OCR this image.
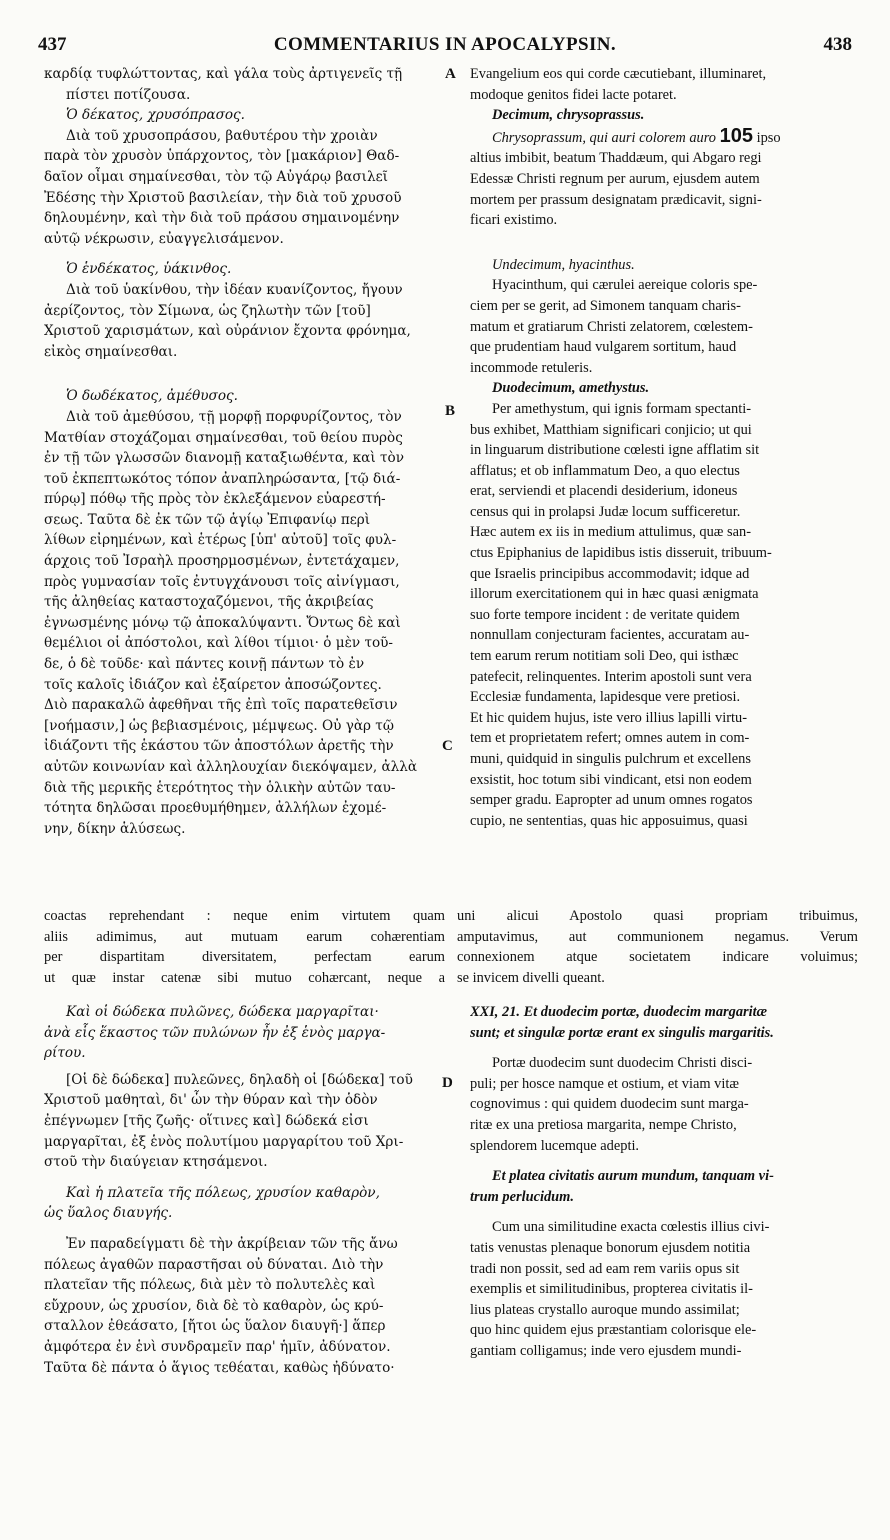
437	COMMENTARIUS IN APOCALYPSIN.	438
A
B
C
D
καρδίᾳ τυφλώττοντας, καὶ γάλα τοὺς ἀρτιγενεῖς τῇ
πίστει ποτίζουσα.
Ὁ δέκατος, χρυσόπρασος.
Διὰ τοῦ χρυσοπράσου, βαθυτέρου τὴν χροιὰν
παρὰ τὸν χρυσὸν ὑπάρχοντος, τὸν [μακάριον] Θαδ-
δαῖον οἶμαι σημαίνεσθαι, τὸν τῷ Αὐγάρῳ βασιλεῖ
Ἐδέσης τὴν Χριστοῦ βασιλείαν, τὴν διὰ τοῦ χρυσοῦ
δηλουμένην, καὶ τὴν διὰ τοῦ πράσου σημαινομένην
αὐτῷ νέκρωσιν, εὐαγγελισάμενον.
Ὁ ἑνδέκατος, ὑάκινθος.
Διὰ τοῦ ὑακίνθου, τὴν ἰδέαν κυανίζοντος, ἤγουν
ἀερίζοντος, τὸν Σίμωνα, ὡς ζηλωτὴν τῶν [τοῦ]
Χριστοῦ χαρισμάτων, καὶ οὐράνιον ἔχοντα φρόνημα,
εἰκὸς σημαίνεσθαι.
Ὁ δωδέκατος, ἀμέθυσος.
Διὰ τοῦ ἀμεθύσου, τῇ μορφῇ πορφυρίζοντος, τὸν
Ματθίαν στοχάζομαι σημαίνεσθαι, τοῦ θείου πυρὸς
ἐν τῇ τῶν γλωσσῶν διανομῇ καταξιωθέντα, καὶ τὸν
τοῦ ἐκπεπτωκότος τόπον ἀναπληρώσαντα, [τῷ διά-
πύρῳ] πόθῳ τῆς πρὸς τὸν ἐκλεξάμενον εὐαρεστή-
σεως. Ταῦτα δὲ ἐκ τῶν τῷ ἁγίῳ Ἐπιφανίῳ περὶ
λίθων εἰρημένων, καὶ ἑτέρως [ὑπ' αὐτοῦ] τοῖς φυλ-
άρχοις τοῦ Ἰσραὴλ προσηρμοσμένων, ἐντετάχαμεν,
πρὸς γυμνασίαν τοῖς ἐντυγχάνουσι τοῖς αἰνίγμασι,
τῆς ἀληθείας καταστοχαζόμενοι, τῆς ἀκριβείας
ἐγνωσμένης μόνῳ τῷ ἀποκαλύψαντι. Ὄντως δὲ καὶ
θεμέλιοι οἱ ἀπόστολοι, καὶ λίθοι τίμιοι· ὁ μὲν τοῦ-
δε, ὁ δὲ τοῦδε· καὶ πάντες κοινῇ πάντων τὸ ἐν
τοῖς καλοῖς ἰδιάζον καὶ ἐξαίρετον ἀποσώζοντες.
Διὸ παρακαλῶ ἀφεθῆναι τῆς ἐπὶ τοῖς παρατεθεῖσιν
[νοήμασιν,] ὡς βεβιασμένοις, μέμψεως. Οὐ γὰρ τῷ
ἰδιάζοντι τῆς ἑκάστου τῶν ἀποστόλων ἀρετῆς τὴν
αὐτῶν κοινωνίαν καὶ ἀλληλουχίαν διεκόψαμεν, ἀλλὰ
διὰ τῆς μερικῆς ἑτερότητος τὴν ὁλικὴν αὐτῶν ταυ-
τότητα δηλῶσαι προεθυμήθημεν, ἀλλήλων ἐχομέ-
νην, δίκην ἁλύσεως.
Evangelium eos qui corde cæcutiebant, illuminaret,
modoque genitos fidei lacte potaret.
Decimum, chrysoprassus.
Chrysoprassum, qui auri colorem auro 105 ipso
altius imbibit, beatum Thaddæum, qui Abgaro regi
Edessæ Christi regnum per aurum, ejusdem autem
mortem per prassum designatam prædicavit, signi-
ficari existimo.
Undecimum, hyacinthus.
Hyacinthum, qui cærulei aereique coloris spe-
ciem per se gerit, ad Simonem tanquam charis-
matum et gratiarum Christi zelatorem, cœlestem-
que prudentiam haud vulgarem sortitum, haud
incommode retuleris.
Duodecimum, amethystus.
Per amethystum, qui ignis formam spectanti-
bus exhibet, Matthiam significari conjicio; ut qui
in linguarum distributione cœlesti igne afflatim sit
afflatus; et ob inflammatum Deo, a quo electus
erat, serviendi et placendi desiderium, idoneus
census qui in prolapsi Judæ locum sufficeretur.
Hæc autem ex iis in medium attulimus, quæ san-
ctus Epiphanius de lapidibus istis disseruit, tribuum-
que Israelis principibus accommodavit; idque ad
illorum exercitationem qui in hæc quasi ænigmata
suo forte tempore incident : de veritate quidem
nonnullam conjecturam facientes, accuratam au-
tem earum rerum notitiam soli Deo, qui isthæc
patefecit, relinquentes. Interim apostoli sunt vera
Ecclesiæ fundamenta, lapidesque vere pretiosi.
Et hic quidem hujus, iste vero illius lapilli virtu-
tem et proprietatem refert; omnes autem in com-
muni, quidquid in singulis pulchrum et excellens
exsistit, hoc totum sibi vindicant, etsi non eodem
semper gradu. Eapropter ad unum omnes rogatos
cupio, ne sententias, quas hic apposuimus, quasi
coactas reprehendant : neque enim virtutem quam uni alicui Apostolo quasi propriam tribuimus,
aliis adimimus, aut mutuam earum cohærentiam amputavimus, aut communionem negamus. Verum
per dispartitam diversitatem, perfectam earum connexionem atque societatem indicare voluimus;
ut quæ instar catenæ sibi mutuo cohærcant, neque a se invicem divelli queant.
Καὶ οἱ δώδεκα πυλῶνες, δώδεκα μαργαρῖται·
ἀνὰ εἷς ἕκαστος τῶν πυλώνων ἦν ἐξ ἑνὸς μαργα-
ρίτου.
[Οἱ δὲ δώδεκα] πυλεῶνες, δηλαδὴ οἱ [δώδεκα] τοῦ
Χριστοῦ μαθηταὶ, δι' ὧν τὴν θύραν καὶ τὴν ὁδὸν
ἐπέγνωμεν [τῆς ζωῆς· οἵτινες καὶ] δώδεκά εἰσι
μαργαρῖται, ἐξ ἑνὸς πολυτίμου μαργαρίτου τοῦ Χρι-
στοῦ τὴν διαύγειαν κτησάμενοι.
Καὶ ἡ πλατεῖα τῆς πόλεως, χρυσίον καθαρὸν,
ὡς ὕαλος διαυγής.
Ἐν παραδείγματι δὲ τὴν ἀκρίβειαν τῶν τῆς ἄνω
πόλεως ἀγαθῶν παραστῆσαι οὐ δύναται. Διὸ τὴν
πλατεῖαν τῆς πόλεως, διὰ μὲν τὸ πολυτελὲς καὶ
εὔχρουν, ὡς χρυσίον, διὰ δὲ τὸ καθαρὸν, ὡς κρύ-
σταλλον ἐθεάσατο, [ἤτοι ὡς ὕαλον διαυγῆ·] ἅπερ
ἀμφότερα ἐν ἑνὶ συνδραμεῖν παρ' ἡμῖν, ἀδύνατον.
Ταῦτα δὲ πάντα ὁ ἅγιος τεθέαται, καθὼς ἠδύνατο·
XXI, 21. Et duodecim portæ, duodecim margaritæ
sunt; et singulæ portæ erant ex singulis margaritis.
Portæ duodecim sunt duodecim Christi disci-
puli; per hosce namque et ostium, et viam vitæ
cognovimus : qui quidem duodecim sunt marga-
ritæ ex una pretiosa margarita, nempe Christo,
splendorem lucemque adepti.
Et platea civitatis aurum mundum, tanquam vi-
trum perlucidum.
Cum una similitudine exacta cœlestis illius civi-
tatis venustas plenaque bonorum ejusdem notitia
tradi non possit, sed ad eam rem variis opus sit
exemplis et similitudinibus, propterea civitatis il-
lius plateas crystallo auroque mundo assimilat;
quo hinc quidem ejus præstantiam colorisque ele-
gantiam colligamus; inde vero ejusdem mundi-
